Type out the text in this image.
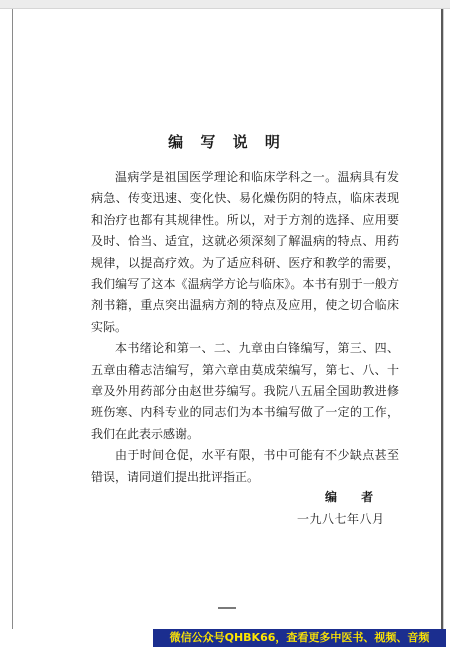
编 写 说 明

温病学是祖国医学理论和临床学科之一。温病具有发病急、传变迅速、变化快、易化燥伤阴的特点，临床表现和治疗也都有其规律性。所以，对于方剂的选择、应用要及时、恰当、适宜，这就必须深刻了解温病的特点、用药规律，以提高疗效。为了适应科研、医疗和教学的需要，我们编写了这本《温病学方论与临床》。本书有别于一般方剂书籍，重点突出温病方剂的特点及应用，使之切合临床实际。

本书绪论和第一、二、九章由白锋编写，第三、四、五章由稽志洁编写，第六章由莫成荣编写，第七、八、十章及外用药部分由赵世芬编写。我院八五届全国助教进修班伤寒、内科专业的同志们为本书编写做了一定的工作，我们在此表示感谢。

由于时间仓促，水平有限，书中可能有不少缺点甚至错误，请同道们提出批评指正。

编 者
一九八七年八月
微信公众号QHBK66，查看更多中医书、视频、音频
